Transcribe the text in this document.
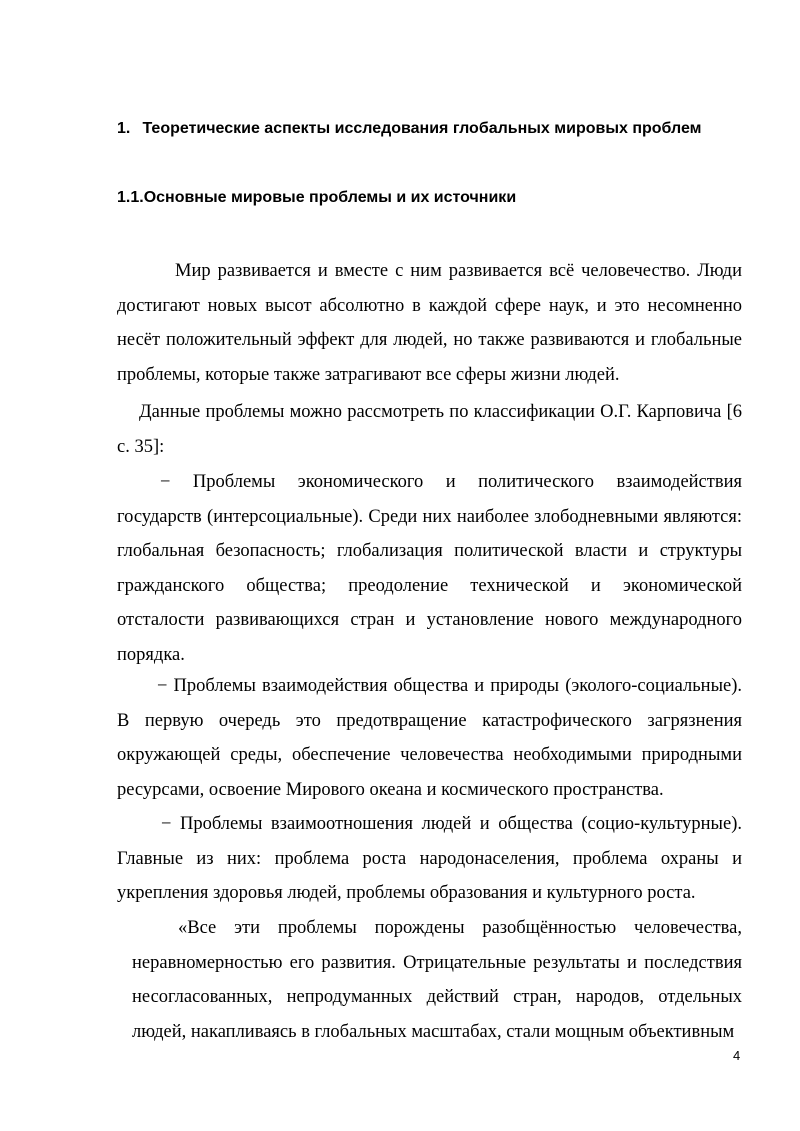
1. Теоретические аспекты исследования глобальных мировых проблем
1.1.Основные мировые проблемы и их источники

Мир развивается и вместе с ним развивается всё человечество. Люди достигают новых высот абсолютно в каждой сфере наук, и это несомненно несёт положительный эффект для людей, но также развиваются и глобальные проблемы, которые также затрагивают все сферы жизни людей.

Данные проблемы можно рассмотреть по классификации О.Г. Карповича [6 с. 35]:

− Проблемы экономического и политического взаимодействия государств (интерсоциальные). Среди них наиболее злободневными являются: глобальная безопасность; глобализация политической власти и структуры гражданского общества; преодоление технической и экономической отсталости развивающихся стран и установление нового международного порядка.

− Проблемы взаимодействия общества и природы (эколого-социальные). В первую очередь это предотвращение катастрофического загрязнения окружающей среды, обеспечение человечества необходимыми природными ресурсами, освоение Мирового океана и космического пространства.

− Проблемы взаимоотношения людей и общества (социо-культурные). Главные из них: проблема роста народонаселения, проблема охраны и укрепления здоровья людей, проблемы образования и культурного роста.

«Все эти проблемы порождены разобщённостью человечества, неравномерностью его развития. Отрицательные результаты и последствия несогласованных, непродуманных действий стран, народов, отдельных людей, накапливаясь в глобальных масштабах, стали мощным объективным

4
